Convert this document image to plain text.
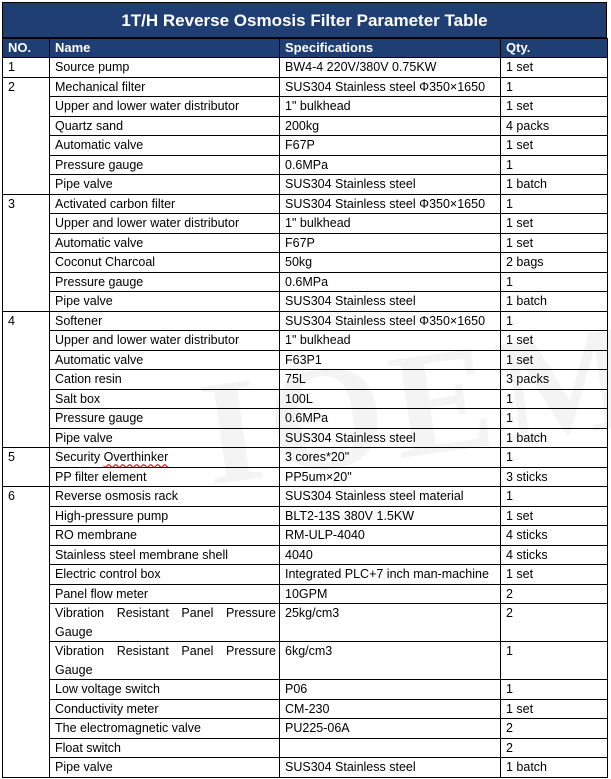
1T/H Reverse Osmosis Filter Parameter Table
NO.	Name	Specifications	Qty.
1	Source pump	BW4-4 220V/380V 0.75KW	1 set
2	Mechanical filter	SUS304 Stainless steel Φ350×1650	1
	Upper and lower water distributor	1" bulkhead	1 set
	Quartz sand	200kg	4 packs
	Automatic valve	F67P	1 set
	Pressure gauge	0.6MPa	1
	Pipe valve	SUS304 Stainless steel	1 batch
3	Activated carbon filter	SUS304 Stainless steel Φ350×1650	1
	Upper and lower water distributor	1" bulkhead	1 set
	Automatic valve	F67P	1 set
	Coconut Charcoal	50kg	2 bags
	Pressure gauge	0.6MPa	1
	Pipe valve	SUS304 Stainless steel	1 batch
4	Softener	SUS304 Stainless steel Φ350×1650	1
	Upper and lower water distributor	1" bulkhead	1 set
	Automatic valve	F63P1	1 set
	Cation resin	75L	3 packs
	Salt box	100L	1
	Pressure gauge	0.6MPa	1
	Pipe valve	SUS304 Stainless steel	1 batch
5	Security Overthinker	3 cores*20"	1
	PP filter element	PP5um×20"	3 sticks
6	Reverse osmosis rack	SUS304 Stainless steel material	1
	High-pressure pump	BLT2-13S 380V 1.5KW	1 set
	RO membrane	RM-ULP-4040	4 sticks
	Stainless steel membrane shell	4040	4 sticks
	Electric control box	Integrated PLC+7 inch man-machine	1 set
	Panel flow meter	10GPM	2
	Vibration Resistant Panel Pressure Gauge	25kg/cm3	2
	Vibration Resistant Panel Pressure Gauge	6kg/cm3	1
	Low voltage switch	P06	1
	Conductivity meter	CM-230	1 set
	The electromagnetic valve	PU225-06A	2
	Float switch		2
	Pipe valve	SUS304 Stainless steel	1 batch
